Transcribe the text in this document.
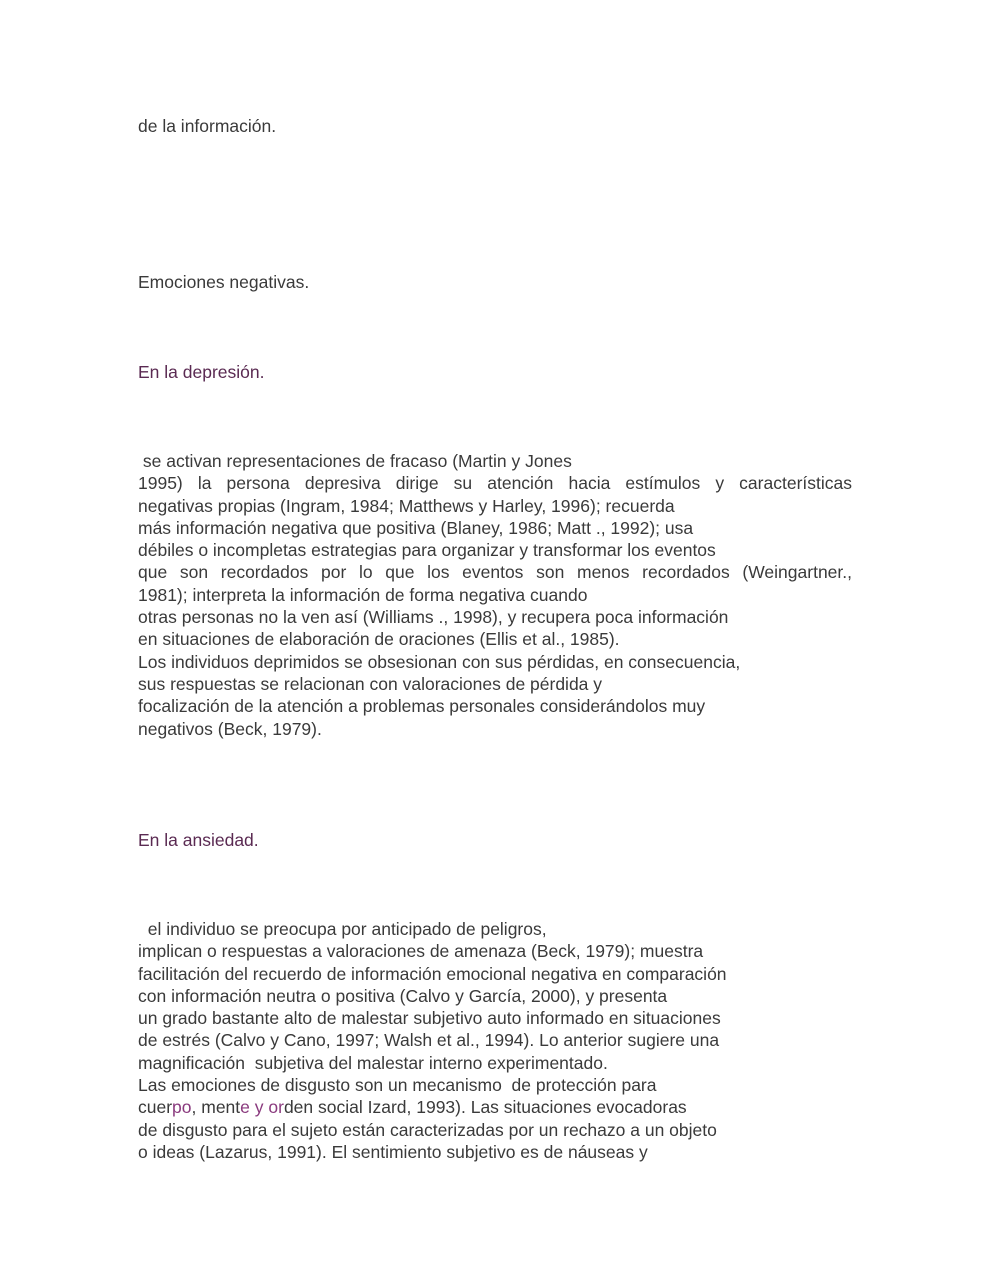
de la información.
Emociones negativas.
En la depresión.
se activan representaciones de fracaso (Martin y Jones
1995) la persona depresiva dirige su atención hacia estímulos y características
negativas propias (Ingram, 1984; Matthews y Harley, 1996); recuerda
más información negativa que positiva (Blaney, 1986; Matt ., 1992); usa
débiles o incompletas estrategias para organizar y transformar los eventos
que son recordados por lo que los eventos son menos recordados (Weingartner.,
1981); interpreta la información de forma negativa cuando
otras personas no la ven así (Williams ., 1998), y recupera poca información
en situaciones de elaboración de oraciones (Ellis et al., 1985).
Los individuos deprimidos se obsesionan con sus pérdidas, en consecuencia,
sus respuestas se relacionan con valoraciones de pérdida y
focalización de la atención a problemas personales considerándolos muy
negativos (Beck, 1979).
En la ansiedad.
el individuo se preocupa por anticipado de peligros,
implican o respuestas a valoraciones de amenaza (Beck, 1979); muestra
facilitación del recuerdo de información emocional negativa en comparación
con información neutra o positiva (Calvo y García, 2000), y presenta
un grado bastante alto de malestar subjetivo auto informado en situaciones
de estrés (Calvo y Cano, 1997; Walsh et al., 1994). Lo anterior sugiere una
magnificación  subjetiva del malestar interno experimentado.
Las emociones de disgusto son un mecanismo  de protección para
cuerpo, mente y orden social Izard, 1993). Las situaciones evocadoras
de disgusto para el sujeto están caracterizadas por un rechazo a un objeto
o ideas (Lazarus, 1991). El sentimiento subjetivo es de náuseas y
